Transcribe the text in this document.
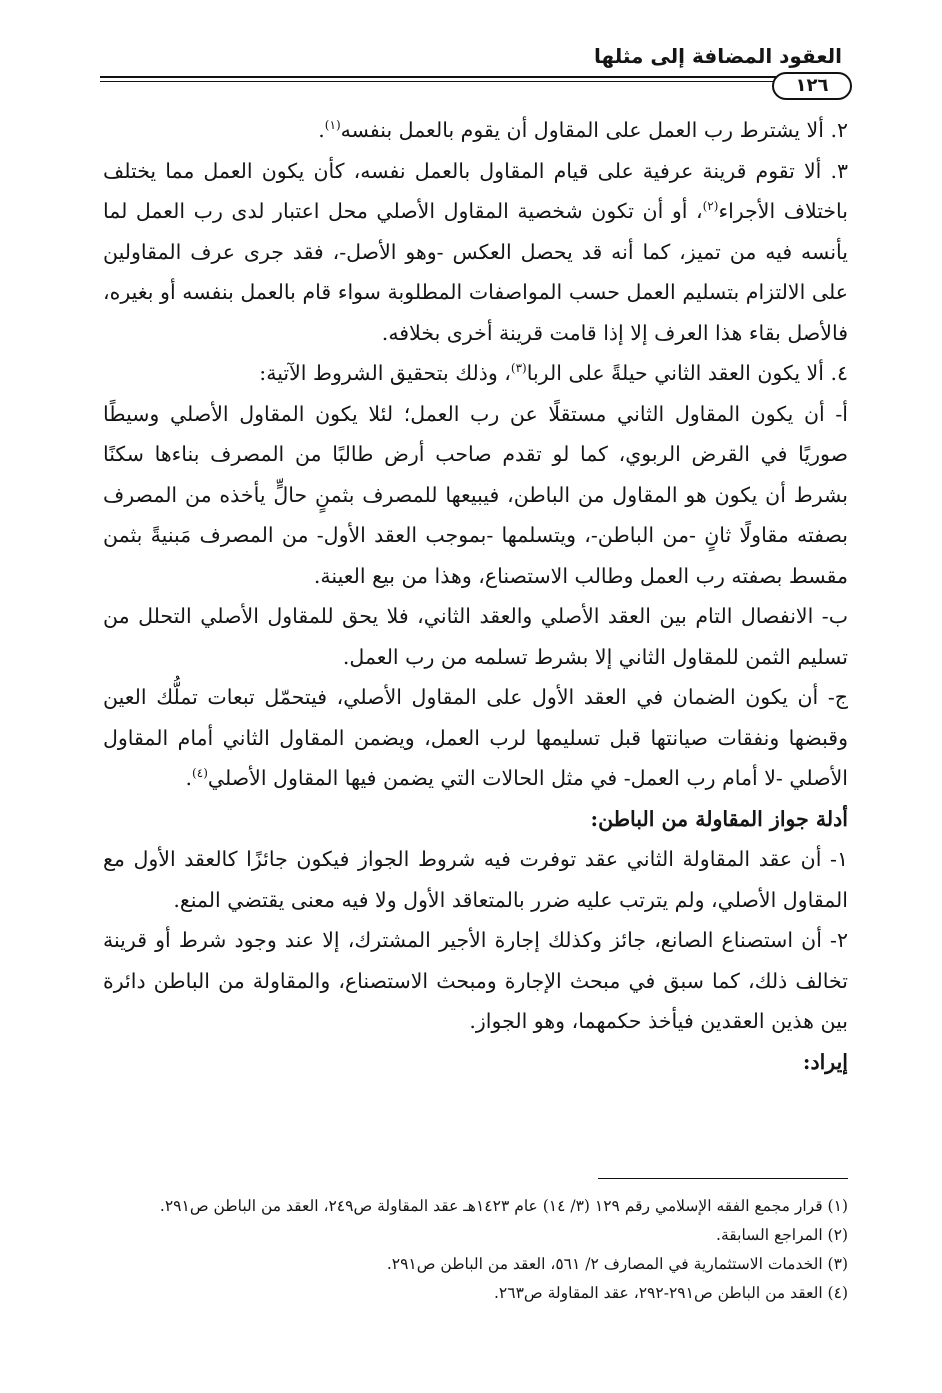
العقود المضافة إلى مثلها
١٢٦

٢. ألا يشترط رب العمل على المقاول أن يقوم بالعمل بنفسه$^{(١)}$.

٣. ألا تقوم قرينة عرفية على قيام المقاول بالعمل نفسه، كأن يكون العمل مما يختلف باختلاف الأجراء$^{(٢)}$، أو أن تكون شخصية المقاول الأصلي محل اعتبار لدى رب العمل لما يأنسه فيه من تميز، كما أنه قد يحصل العكس -وهو الأصل-، فقد جرى عرف المقاولين على الالتزام بتسليم العمل حسب المواصفات المطلوبة سواء قام بالعمل بنفسه أو بغيره، فالأصل بقاء هذا العرف إلا إذا قامت قرينة أخرى بخلافه.

٤. ألا يكون العقد الثاني حيلةً على الربا$^{(٣)}$، وذلك بتحقيق الشروط الآتية:

أ- أن يكون المقاول الثاني مستقلًا عن رب العمل؛ لئلا يكون المقاول الأصلي وسيطًا صوريًا في القرض الربوي، كما لو تقدم صاحب أرض طالبًا من المصرف بناءها سكنًا بشرط أن يكون هو المقاول من الباطن، فيبيعها للمصرف بثمنٍ حالٍّ يأخذه من المصرف بصفته مقاولًا ثانٍ -من الباطن-، ويتسلمها -بموجب العقد الأول- من المصرف مَبنيةً بثمن مقسط بصفته رب العمل وطالب الاستصناع، وهذا من بيع العينة.

ب- الانفصال التام بين العقد الأصلي والعقد الثاني، فلا يحق للمقاول الأصلي التحلل من تسليم الثمن للمقاول الثاني إلا بشرط تسلمه من رب العمل.

ج- أن يكون الضمان في العقد الأول على المقاول الأصلي، فيتحمّل تبعات تملُّك العين وقبضها ونفقات صيانتها قبل تسليمها لرب العمل، ويضمن المقاول الثاني أمام المقاول الأصلي -لا أمام رب العمل- في مثل الحالات التي يضمن فيها المقاول الأصلي$^{(٤)}$.

أدلة جواز المقاولة من الباطن:

١- أن عقد المقاولة الثاني عقد توفرت فيه شروط الجواز فيكون جائزًا كالعقد الأول مع المقاول الأصلي، ولم يترتب عليه ضرر بالمتعاقد الأول ولا فيه معنى يقتضي المنع.

٢- أن استصناع الصانع، جائز وكذلك إجارة الأجير المشترك، إلا عند وجود شرط أو قرينة تخالف ذلك، كما سبق في مبحث الإجارة ومبحث الاستصناع، والمقاولة من الباطن دائرة بين هذين العقدين فيأخذ حكمهما، وهو الجواز.

إيراد:

(١) قرار مجمع الفقه الإسلامي رقم ١٢٩ (٣/ ١٤) عام ١٤٢٣هـ عقد المقاولة ص٢٤٩، العقد من الباطن ص٢٩١.

(٢) المراجع السابقة.

(٣) الخدمات الاستثمارية في المصارف ٢/ ٥٦١، العقد من الباطن ص٢٩١.

(٤) العقد من الباطن ص٢٩١-٢٩٢، عقد المقاولة ص٢٦٣.
